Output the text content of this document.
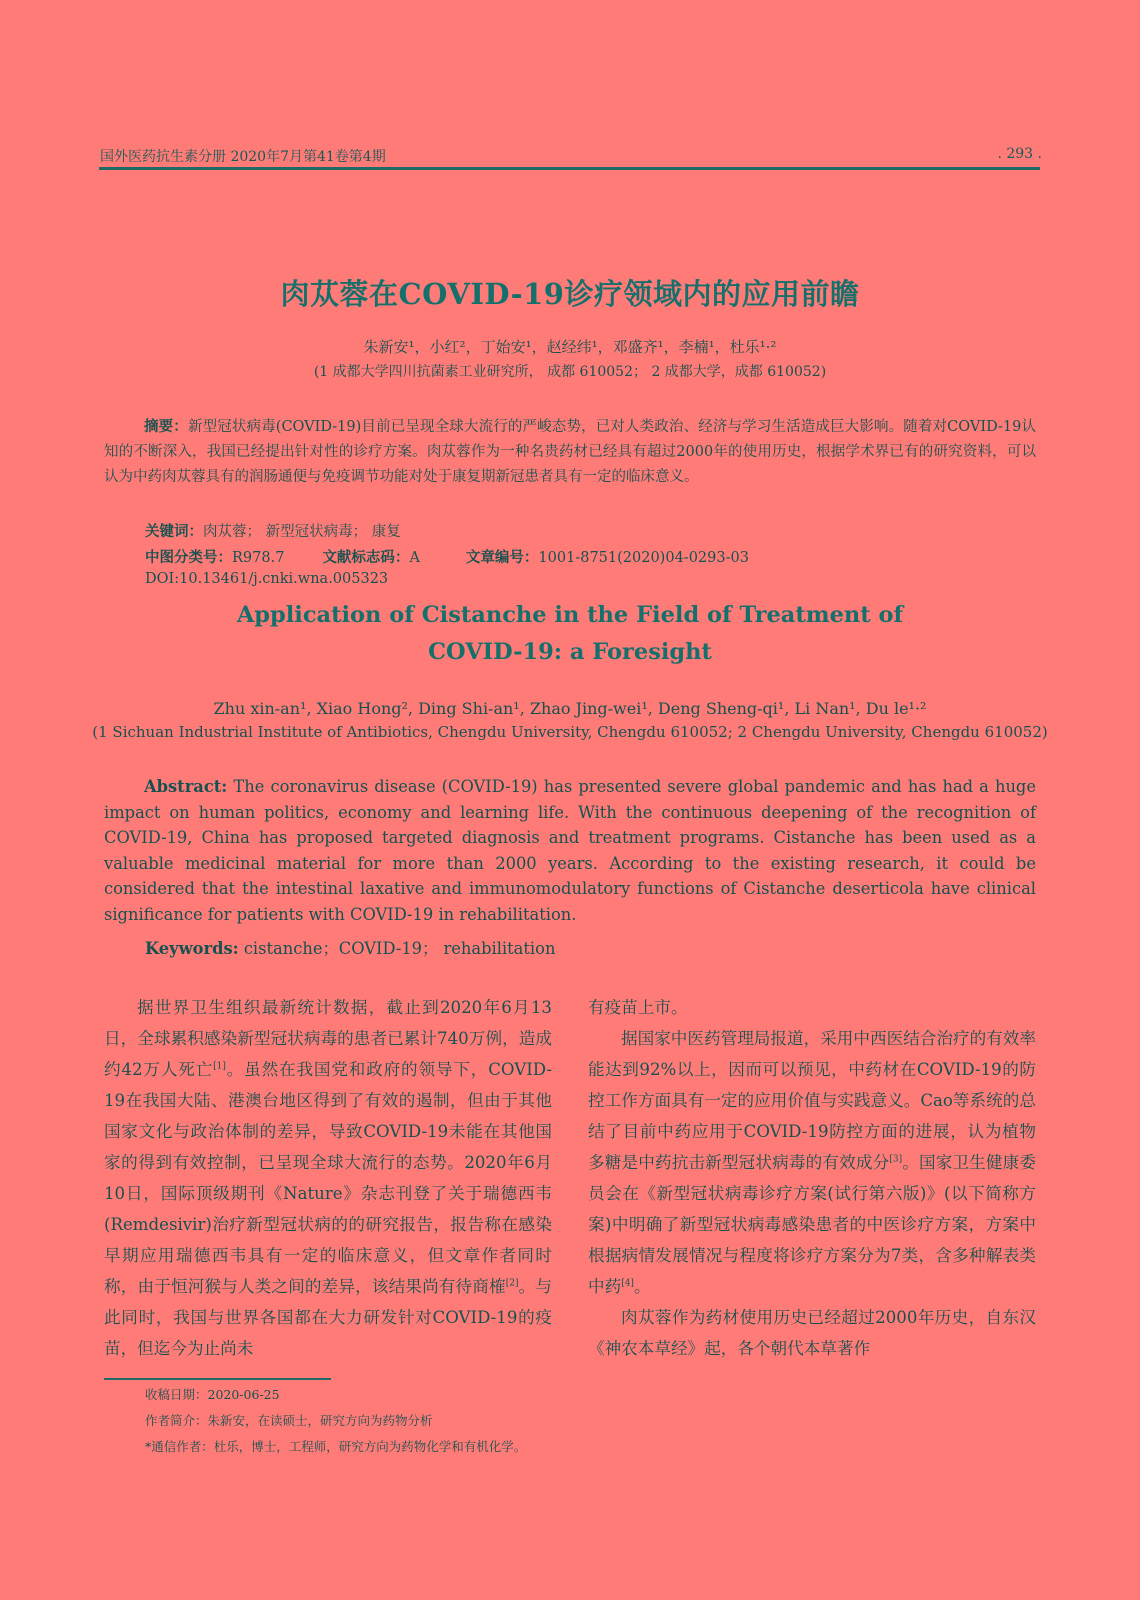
国外医药抗生素分册 2020年7月第41卷第4期	. 293 .
肉苁蓉在COVID-19诊疗领域内的应用前瞻
朱新安¹，小红²，丁始安¹，赵经纬¹，邓盛齐¹，李楠¹，杜乐¹·²
(1 成都大学四川抗菌素工业研究所， 成都 610052； 2 成都大学，成都 610052)
摘要：新型冠状病毒(COVID-19)目前已呈现全球大流行的严峻态势，已对人类政治、经济与学习生活造成巨大影响。随着对COVID-19认知的不断深入，我国已经提出针对性的诊疗方案。肉苁蓉作为一种名贵药材已经具有超过2000年的使用历史，根据学术界已有的研究资料，可以认为中药肉苁蓉具有的润肠通便与免疫调节功能对处于康复期新冠患者具有一定的临床意义。
关键词：肉苁蓉； 新型冠状病毒； 康复
中图分类号：R978.7	文献标志码：A	文章编号：1001-8751(2020)04-0293-03
DOI:10.13461/j.cnki.wna.005323
Application of Cistanche in the Field of Treatment of
COVID-19: a Foresight
Zhu xin-an¹, Xiao Hong², Ding Shi-an¹, Zhao Jing-wei¹, Deng Sheng-qi¹, Li Nan¹, Du le¹·²
(1 Sichuan Industrial Institute of Antibiotics, Chengdu University, Chengdu 610052; 2 Chengdu University, Chengdu 610052)
Abstract: The coronavirus disease (COVID-19) has presented severe global pandemic and has had a huge impact on human politics, economy and learning life. With the continuous deepening of the recognition of COVID-19, China has proposed targeted diagnosis and treatment programs. Cistanche has been used as a valuable medicinal material for more than 2000 years. According to the existing research, it could be considered that the intestinal laxative and immunomodulatory functions of Cistanche deserticola have clinical significance for patients with COVID-19 in rehabilitation.
Keywords: cistanche；COVID-19； rehabilitation

据世界卫生组织最新统计数据，截止到2020年6月13日，全球累积感染新型冠状病毒的患者已累计740万例，造成约42万人死亡[1]。虽然在我国党和政府的领导下，COVID-19在我国大陆、港澳台地区得到了有效的遏制，但由于其他国家文化与政治体制的差异，导致COVID-19未能在其他国家的得到有效控制，已呈现全球大流行的态势。2020年6月10日，国际顶级期刊《Nature》杂志刊登了关于瑞德西韦(Remdesivir)治疗新型冠状病的的研究报告，报告称在感染早期应用瑞德西韦具有一定的临床意义，但文章作者同时称，由于恒河猴与人类之间的差异，该结果尚有待商榷[2]。与此同时，我国与世界各国都在大力研发针对COVID-19的疫苗，但迄今为止尚未

有疫苗上市。

据国家中医药管理局报道，采用中西医结合治疗的有效率能达到92%以上，因而可以预见，中药材在COVID-19的防控工作方面具有一定的应用价值与实践意义。Cao等系统的总结了目前中药应用于COVID-19防控方面的进展，认为植物多糖是中药抗击新型冠状病毒的有效成分[3]。国家卫生健康委员会在《新型冠状病毒诊疗方案(试行第六版)》(以下简称方案)中明确了新型冠状病毒感染患者的中医诊疗方案，方案中根据病情发展情况与程度将诊疗方案分为7类，含多种解表类中药[4]。

肉苁蓉作为药材使用历史已经超过2000年历史，自东汉《神农本草经》起，各个朝代本草著作

收稿日期：2020-06-25
作者简介：朱新安，在读硕士，研究方向为药物分析
*通信作者：杜乐，博士，工程师，研究方向为药物化学和有机化学。
